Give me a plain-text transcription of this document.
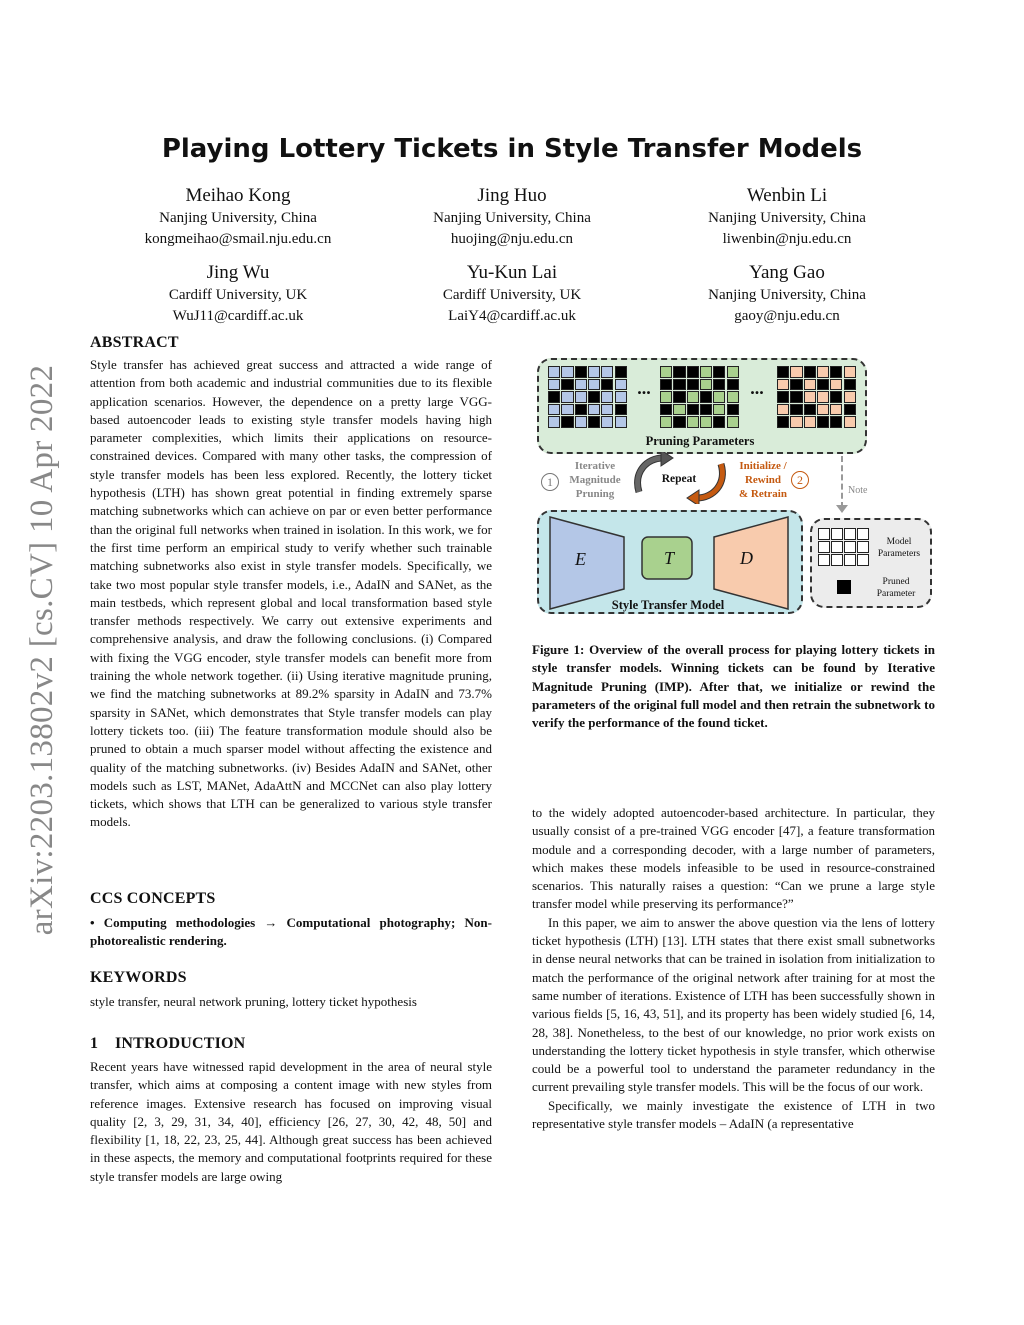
arXiv:2203.13802v2 [cs.CV] 10 Apr 2022
Playing Lottery Tickets in Style Transfer Models
Meihao Kong
Nanjing University, China
kongmeihao@smail.nju.edu.cn
Jing Huo
Nanjing University, China
huojing@nju.edu.cn
Wenbin Li
Nanjing University, China
liwenbin@nju.edu.cn
Jing Wu
Cardiff University, UK
WuJ11@cardiff.ac.uk
Yu-Kun Lai
Cardiff University, UK
LaiY4@cardiff.ac.uk
Yang Gao
Nanjing University, China
gaoy@nju.edu.cn
ABSTRACT
Style transfer has achieved great success and attracted a wide range of attention from both academic and industrial communities due to its flexible application scenarios. However, the dependence on a pretty large VGG-based autoencoder leads to existing style transfer models having high parameter complexities, which limits their applications on resource-constrained devices. Compared with many other tasks, the compression of style transfer models has been less explored. Recently, the lottery ticket hypothesis (LTH) has shown great potential in finding extremely sparse matching subnetworks which can achieve on par or even better performance than the original full networks when trained in isolation. In this work, we for the first time perform an empirical study to verify whether such trainable matching subnetworks also exist in style transfer models. Specifically, we take two most popular style transfer models, i.e., AdaIN and SANet, as the main testbeds, which represent global and local transformation based style transfer methods respectively. We carry out extensive experiments and comprehensive analysis, and draw the following conclusions. (i) Compared with fixing the VGG encoder, style transfer models can benefit more from training the whole network together. (ii) Using iterative magnitude pruning, we find the matching subnetworks at 89.2% sparsity in AdaIN and 73.7% sparsity in SANet, which demonstrates that Style transfer models can play lottery tickets too. (iii) The feature transformation module should also be pruned to obtain a much sparser model without affecting the existence and quality of the matching subnetworks. (iv) Besides AdaIN and SANet, other models such as LST, MANet, AdaAttN and MCCNet can also play lottery tickets, which shows that LTH can be generalized to various style transfer models.
CCS CONCEPTS
• Computing methodologies → Computational photography; Non-photorealistic rendering.
KEYWORDS
style transfer, neural network pruning, lottery ticket hypothesis
1    INTRODUCTION
Recent years have witnessed rapid development in the area of neural style transfer, which aims at composing a content image with new styles from reference images. Extensive research has focused on improving visual quality [2, 3, 29, 31, 34, 40], efficiency [26, 27, 30, 42, 48, 50] and flexibility [1, 18, 22, 23, 25, 44]. Although great success has been achieved in these aspects, the memory and computational footprints required for these style transfer models are large owing
...	...
Pruning Parameters
1
Iterative
Magnitude
Pruning
Repeat
Initialize /
Rewind
& Retrain
2
Note
E	T	D
Style Transfer Model
Model
Parameters
Pruned
Parameter
Figure 1: Overview of the overall process for playing lottery tickets in style transfer models. Winning tickets can be found by Iterative Magnitude Pruning (IMP). After that, we initialize or rewind the parameters of the original full model and then retrain the subnetwork to verify the performance of the found ticket.
to the widely adopted autoencoder-based architecture. In particular, they usually consist of a pre-trained VGG encoder [47], a feature transformation module and a corresponding decoder, with a large number of parameters, which makes these models infeasible to be used in resource-constrained scenarios. This naturally raises a question: “Can we prune a large style transfer model while preserving its performance?”
In this paper, we aim to answer the above question via the lens of lottery ticket hypothesis (LTH) [13]. LTH states that there exist small subnetworks in dense neural networks that can be trained in isolation from initialization to match the performance of the original network after training for at most the same number of iterations. Existence of LTH has been successfully shown in various fields [5, 16, 43, 51], and its property has been widely studied [6, 14, 28, 38]. Nonetheless, to the best of our knowledge, no prior work exists on understanding the lottery ticket hypothesis in style transfer, which otherwise could be a powerful tool to understand the parameter redundancy in the current prevailing style transfer models. This will be the focus of our work.
Specifically, we mainly investigate the existence of LTH in two representative style transfer models – AdaIN (a representative
